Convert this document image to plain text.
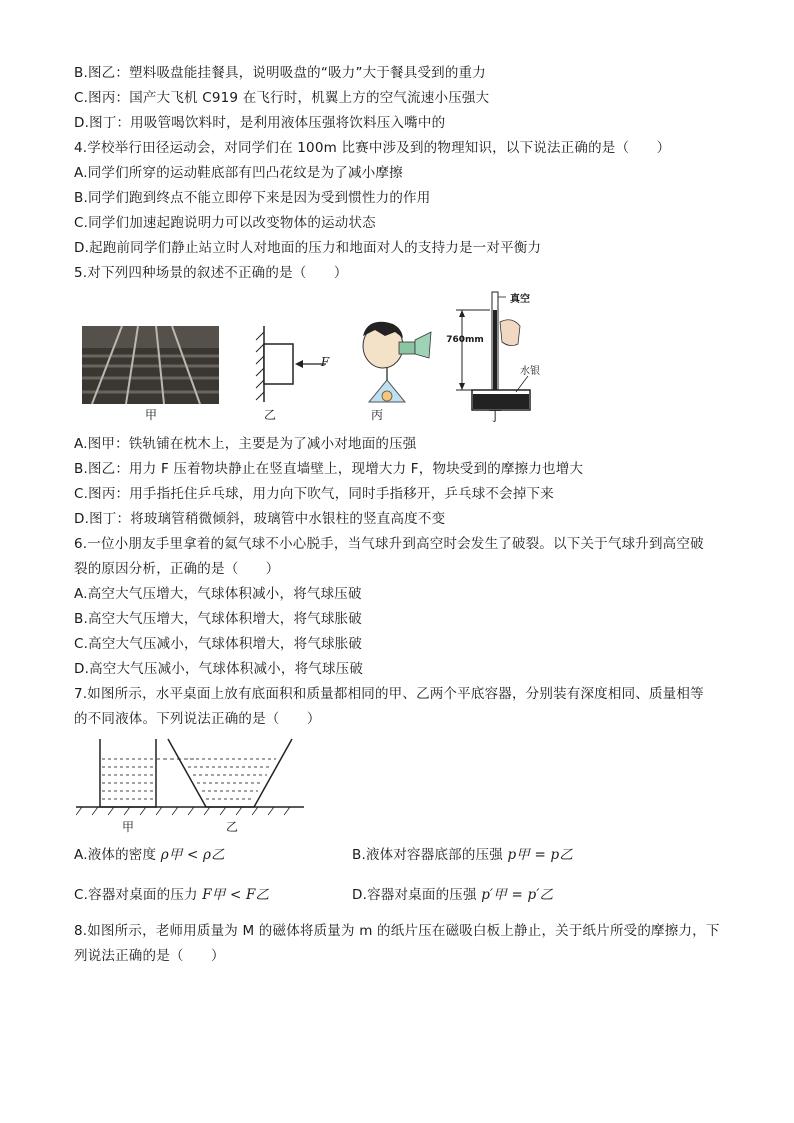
B.图乙：塑料吸盘能挂餐具，说明吸盘的“吸力”大于餐具受到的重力
C.图丙：国产大飞机 C919 在飞行时，机翼上方的空气流速小压强大
D.图丁：用吸管喝饮料时，是利用液体压强将饮料压入嘴中的
4.学校举行田径运动会，对同学们在 100m 比赛中涉及到的物理知识，以下说法正确的是（　　）
A.同学们所穿的运动鞋底部有凹凸花纹是为了减小摩擦
B.同学们跑到终点不能立即停下来是因为受到惯性力的作用
C.同学们加速起跑说明力可以改变物体的运动状态
D.起跑前同学们静止站立时人对地面的压力和地面对人的支持力是一对平衡力
5.对下列四种场景的叙述不正确的是（　　）
甲
F
乙	丙
真空
760mm
水银
丁
A.图甲：铁轨铺在枕木上，主要是为了减小对地面的压强
B.图乙：用力 F 压着物块静止在竖直墙壁上，现增大力 F，物块受到的摩擦力也增大
C.图丙：用手指托住乒乓球，用力向下吹气，同时手指移开，乒乓球不会掉下来
D.图丁：将玻璃管稍微倾斜，玻璃管中水银柱的竖直高度不变
6.一位小朋友手里拿着的氦气球不小心脱手，当气球升到高空时会发生了破裂。以下关于气球升到高空破
裂的原因分析，正确的是（　　）
A.高空大气压增大，气球体积减小，将气球压破
B.高空大气压增大，气球体积增大，将气球胀破
C.高空大气压减小，气球体积增大，将气球胀破
D.高空大气压减小，气球体积减小，将气球压破
7.如图所示，水平桌面上放有底面积和质量都相同的甲、乙两个平底容器，分别装有深度相同、质量相等
的不同液体。下列说法正确的是（　　）
甲	乙
A.液体的密度 ρ甲 < ρ乙	B.液体对容器底部的压强 p甲 = p乙
C.容器对桌面的压力 F甲 < F乙	D.容器对桌面的压强 p′甲 = p′乙
8.如图所示，老师用质量为 M 的磁体将质量为 m 的纸片压在磁吸白板上静止，关于纸片所受的摩擦力，下
列说法正确的是（　　）
